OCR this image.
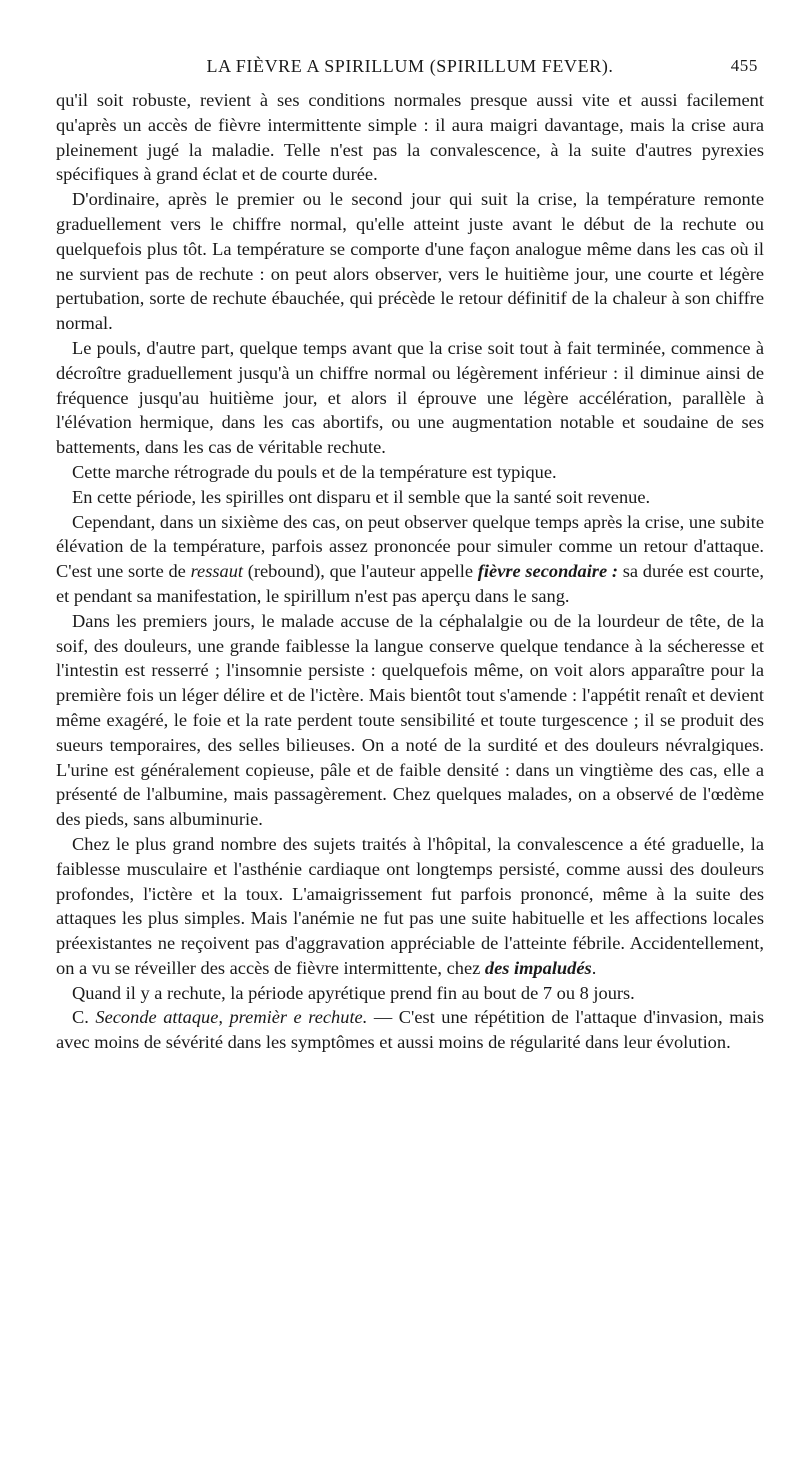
LA FIÈVRE A SPIRILLUM (SPIRILLUM FEVER).	455

qu'il soit robuste, revient à ses conditions normales presque aussi vite et aussi facilement qu'après un accès de fièvre intermittente simple : il aura maigri davantage, mais la crise aura pleinement jugé la maladie. Telle n'est pas la convalescence, à la suite d'autres pyrexies spécifiques à grand éclat et de courte durée.

D'ordinaire, après le premier ou le second jour qui suit la crise, la température remonte graduellement vers le chiffre normal, qu'elle atteint juste avant le début de la rechute ou quelquefois plus tôt. La température se comporte d'une façon analogue même dans les cas où il ne survient pas de rechute : on peut alors observer, vers le huitième jour, une courte et légère pertubation, sorte de rechute ébauchée, qui précède le retour définitif de la chaleur à son chiffre normal.

Le pouls, d'autre part, quelque temps avant que la crise soit tout à fait terminée, commence à décroître graduellement jusqu'à un chiffre normal ou légèrement inférieur : il diminue ainsi de fréquence jusqu'au huitième jour, et alors il éprouve une légère accélération, parallèle à l'élévation hermique, dans les cas abortifs, ou une augmentation notable et soudaine de ses battements, dans les cas de véritable rechute.

Cette marche rétrograde du pouls et de la température est typique.

En cette période, les spirilles ont disparu et il semble que la santé soit revenue.

Cependant, dans un sixième des cas, on peut observer quelque temps après la crise, une subite élévation de la température, parfois assez prononcée pour simuler comme un retour d'attaque. C'est une sorte de ressaut (rebound), que l'auteur appelle fièvre secondaire : sa durée est courte, et pendant sa manifestation, le spirillum n'est pas aperçu dans le sang.

Dans les premiers jours, le malade accuse de la céphalalgie ou de la lourdeur de tête, de la soif, des douleurs, une grande faiblesse la langue conserve quelque tendance à la sécheresse et l'intestin est resserré ; l'insomnie persiste : quelquefois même, on voit alors apparaître pour la première fois un léger délire et de l'ictère. Mais bientôt tout s'amende : l'appétit renaît et devient même exagéré, le foie et la rate perdent toute sensibilité et toute turgescence ; il se produit des sueurs temporaires, des selles bilieuses. On a noté de la surdité et des douleurs névralgiques. L'urine est généralement copieuse, pâle et de faible densité : dans un vingtième des cas, elle a présenté de l'albumine, mais passagèrement. Chez quelques malades, on a observé de l'œdème des pieds, sans albuminurie.

Chez le plus grand nombre des sujets traités à l'hôpital, la convalescence a été graduelle, la faiblesse musculaire et l'asthénie cardiaque ont longtemps persisté, comme aussi des douleurs profondes, l'ictère et la toux. L'amaigrissement fut parfois prononcé, même à la suite des attaques les plus simples. Mais l'anémie ne fut pas une suite habituelle et les affections locales préexistantes ne reçoivent pas d'aggravation appréciable de l'atteinte fébrile. Accidentellement, on a vu se réveiller des accès de fièvre intermittente, chez des impaludés.

Quand il y a rechute, la période apyrétique prend fin au bout de 7 ou 8 jours.

C. Seconde attaque, premièr e rechute. — C'est une répétition de l'attaque d'invasion, mais avec moins de sévérité dans les symptômes et aussi moins de régularité dans leur évolution.
